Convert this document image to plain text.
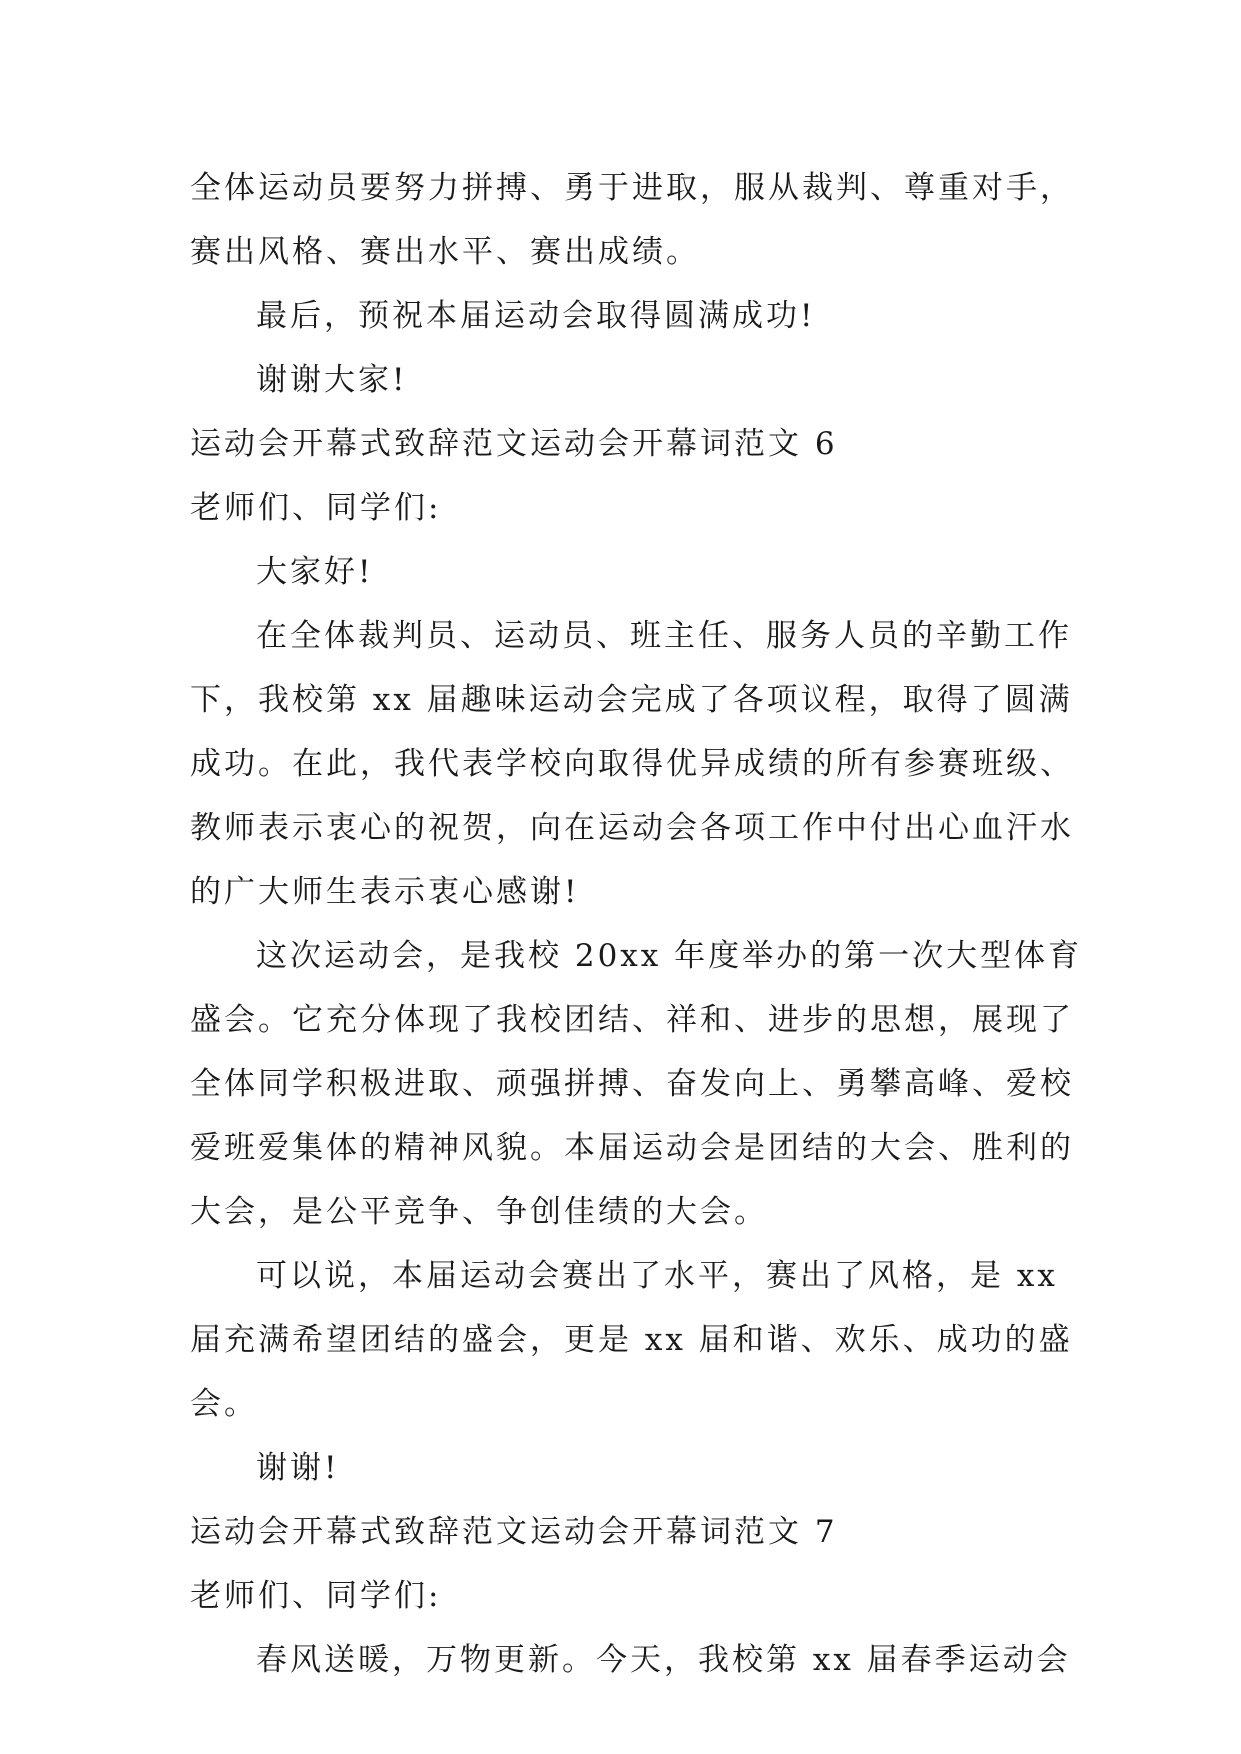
全体运动员要努力拼搏、勇于进取，服从裁判、尊重对手，
赛出风格、赛出水平、赛出成绩。
最后，预祝本届运动会取得圆满成功!
谢谢大家!
运动会开幕式致辞范文运动会开幕词范文 6
老师们、同学们:
大家好!
在全体裁判员、运动员、班主任、服务人员的辛勤工作
下，我校第 xx 届趣味运动会完成了各项议程，取得了圆满
成功。在此，我代表学校向取得优异成绩的所有参赛班级、
教师表示衷心的祝贺，向在运动会各项工作中付出心血汗水
的广大师生表示衷心感谢!
这次运动会，是我校 20xx 年度举办的第一次大型体育
盛会。它充分体现了我校团结、祥和、进步的思想，展现了
全体同学积极进取、顽强拼搏、奋发向上、勇攀高峰、爱校
爱班爱集体的精神风貌。本届运动会是团结的大会、胜利的
大会，是公平竞争、争创佳绩的大会。
可以说，本届运动会赛出了水平，赛出了风格，是 xx
届充满希望团结的盛会，更是 xx 届和谐、欢乐、成功的盛
会。
谢谢!
运动会开幕式致辞范文运动会开幕词范文 7
老师们、同学们:
春风送暖，万物更新。今天，我校第 xx 届春季运动会
